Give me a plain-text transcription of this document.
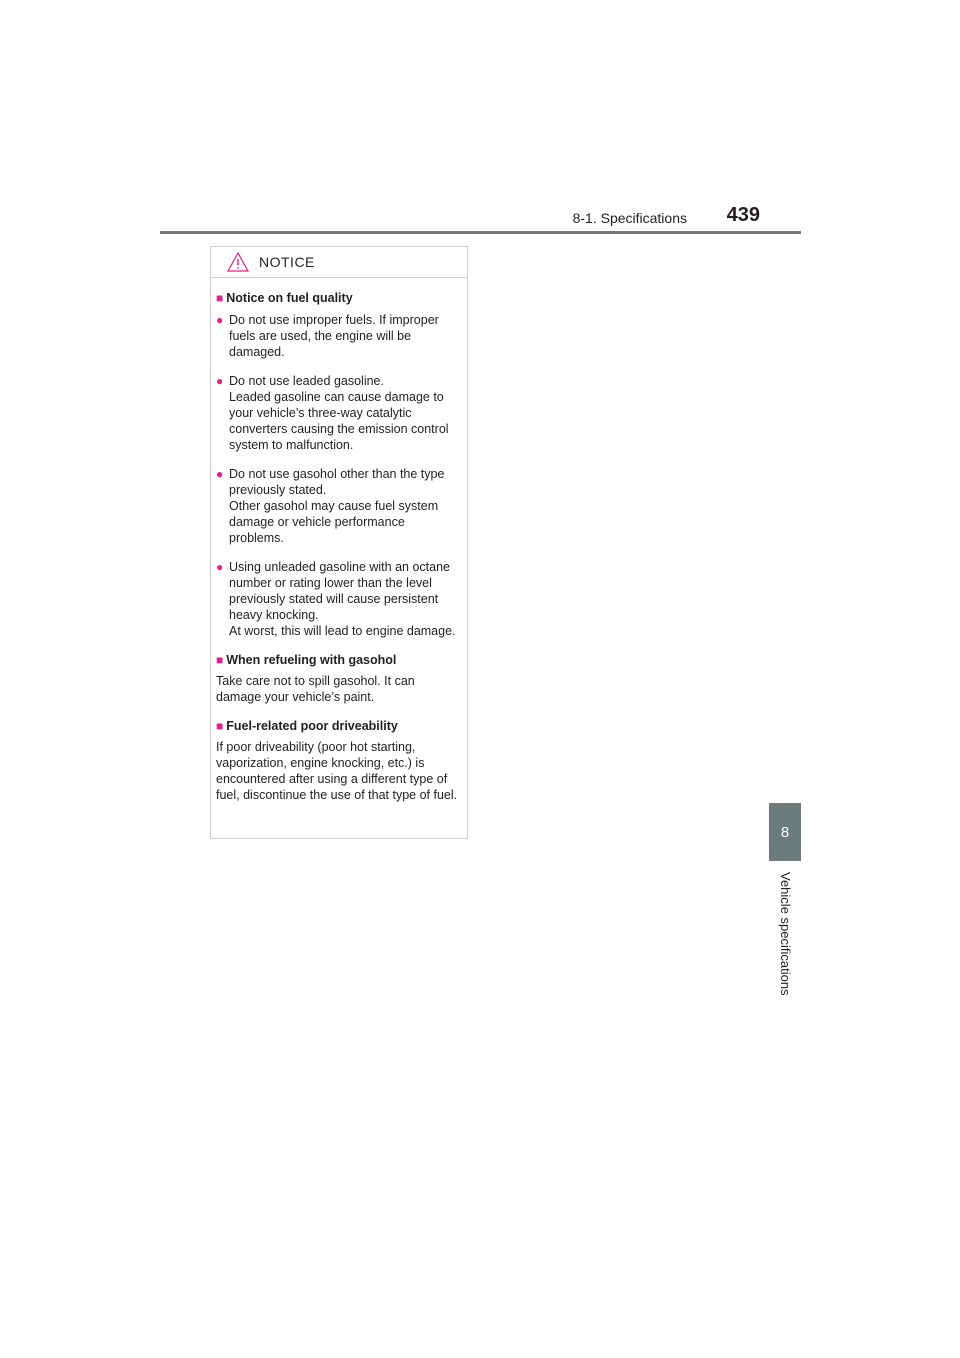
8-1. Specifications 439
8
Vehicle specifications
NOTICE
■ Notice on fuel quality
● Do not use improper fuels. If improper fuels are used, the engine will be damaged.
● Do not use leaded gasoline.
Leaded gasoline can cause damage to your vehicle’s three-way catalytic converters causing the emission control system to malfunction.
● Do not use gasohol other than the type previously stated.
Other gasohol may cause fuel system damage or vehicle performance problems.
● Using unleaded gasoline with an octane number or rating lower than the level previously stated will cause persistent heavy knocking.
At worst, this will lead to engine damage.
■ When refueling with gasohol
Take care not to spill gasohol. It can damage your vehicle’s paint.
■ Fuel-related poor driveability
If poor driveability (poor hot starting, vaporization, engine knocking, etc.) is encountered after using a different type of fuel, discontinue the use of that type of fuel.
